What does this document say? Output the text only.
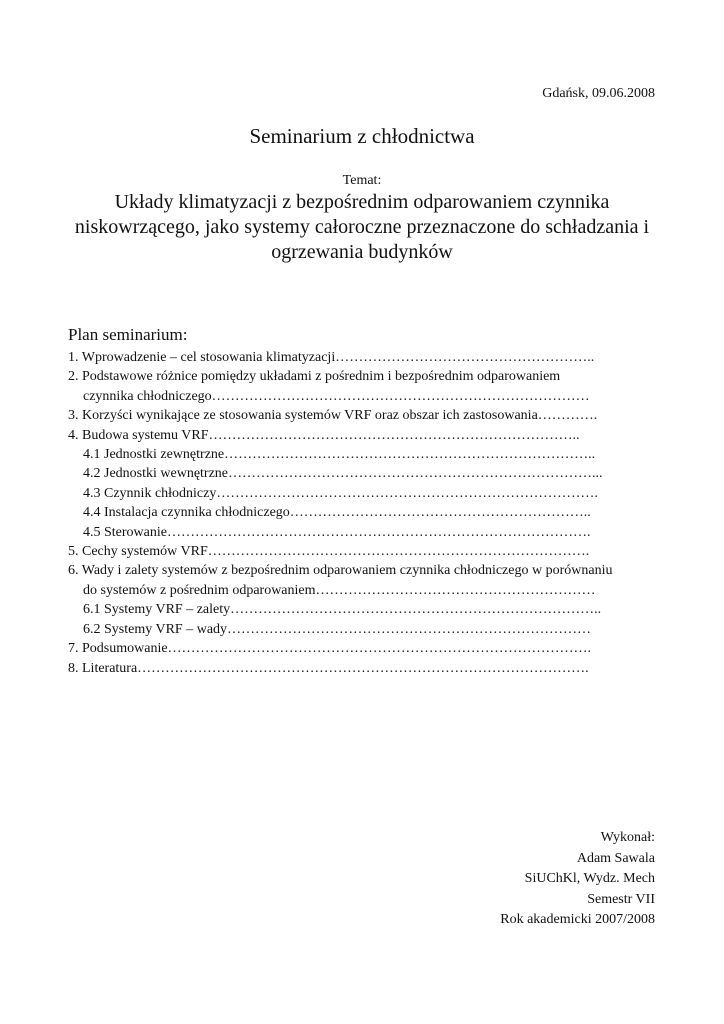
Gdańsk, 09.06.2008
Seminarium z chłodnictwa
Temat:
Układy klimatyzacji z bezpośrednim odparowaniem czynnika
niskowrzącego, jako systemy całoroczne przeznaczone do schładzania i
ogrzewania budynków
Plan seminarium:
1. Wprowadzenie – cel stosowania klimatyzacji………………………………………………..
2. Podstawowe różnice pomiędzy układami z pośrednim i bezpośrednim odparowaniem
czynnika chłodniczego………………………………………………………………………
3. Korzyści wynikające ze stosowania systemów VRF oraz obszar ich zastosowania………….
4. Budowa systemu VRF……………………………………………………………………..
4.1 Jednostki zewnętrzne……………………………………………………………………..
4.2 Jednostki wewnętrzne……………………………………………………………………...
4.3 Czynnik chłodniczy……………………………………………………………………….
4.4 Instalacja czynnika chłodniczego………………………………………………………..
4.5 Sterowanie……………………………………………………………………………….
5. Cechy systemów VRF……………………………………………………………………….
6. Wady i zalety systemów z bezpośrednim odparowaniem czynnika chłodniczego w porównaniu
do systemów z pośrednim odparowaniem……………………………………………………
6.1 Systemy VRF – zalety……………………………………………………………………..
6.2 Systemy VRF – wady……………………………………………………………………
7. Podsumowanie……………………………………………………………………………….
8. Literatura…………………………………………………………………………………….
Wykonał:
Adam Sawala
SiUChKl, Wydz. Mech
Semestr VII
Rok akademicki 2007/2008
